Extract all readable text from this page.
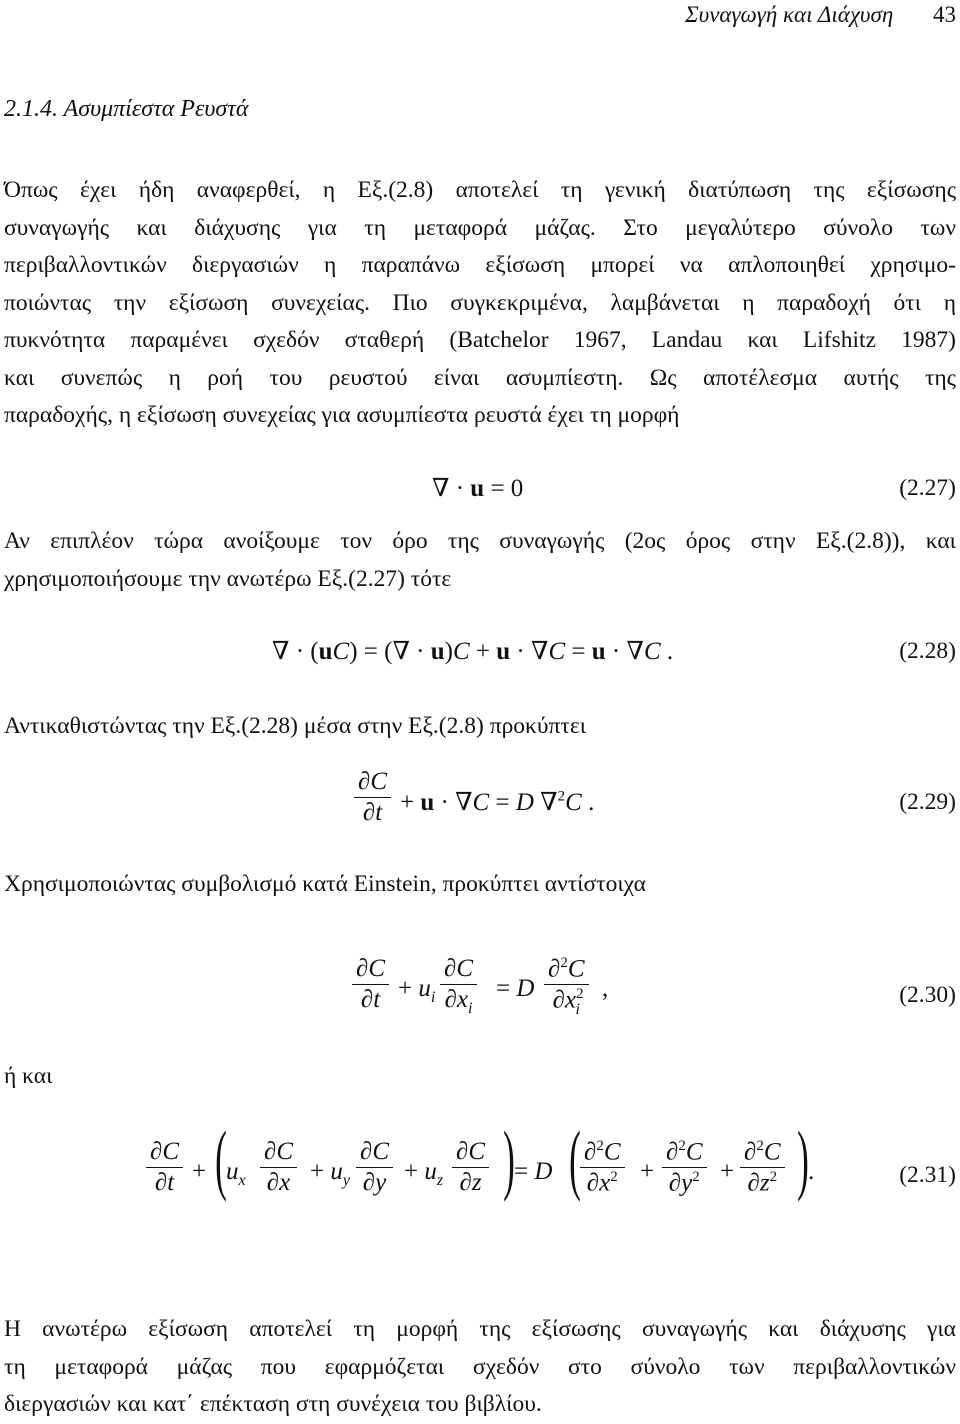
Συναγωγή και Διάχυση 43
2.1.4. Ασυμπίεστα Ρευστά
Όπως έχει ήδη αναφερθεί, η Εξ.(2.8) αποτελεί τη γενική διατύπωση της εξίσωσης
συναγωγής και διάχυσης για τη μεταφορά μάζας. Στο μεγαλύτερο σύνολο των
περιβαλλοντικών διεργασιών η παραπάνω εξίσωση μπορεί να απλοποιηθεί χρησιμο-
ποιώντας την εξίσωση συνεχείας. Πιο συγκεκριμένα, λαμβάνεται η παραδοχή ότι η
πυκνότητα παραμένει σχεδόν σταθερή (Batchelor 1967, Landau και Lifshitz 1987)
και συνεπώς η ροή του ρευστού είναι ασυμπίεστη. Ως αποτέλεσμα αυτής της
παραδοχής, η εξίσωση συνεχείας για ασυμπίεστα ρευστά έχει τη μορφή
∇ · u = 0	(2.27)
Αν επιπλέον τώρα ανοίξουμε τον όρο της συναγωγής (2ος όρος στην Εξ.(2.8)), και
χρησιμοποιήσουμε την ανωτέρω Εξ.(2.27) τότε
∇ · (uC) = (∇ · u)C + u · ∇C = u · ∇C .	(2.28)
Αντικαθιστώντας την Εξ.(2.28) μέσα στην Εξ.(2.8) προκύπτει
∂C
∂t + u · ∇C = D ∇$^2$C .	(2.29)
Χρησιμοποιώντας συμβολισμό κατά Einstein, προκύπτει αντίστοιχα
∂C
$\partial t + u_i$
∂C
$\partial x_i$
= D
∂$^2$C
$\partial x^2_i$
,	(2.30)
ή και
∂C
∂t + ( $u_x$
∂C
$\partial x + u_y$
∂C
$\partial y + u_z$
∂C
∂z ) = D ( ∂$^2$C
$\partial x^2$ +
∂$^2$C
$\partial y^2$ +
∂$^2$C
$\partial z^2$ ) .	(2.31)
Η ανωτέρω εξίσωση αποτελεί τη μορφή της εξίσωσης συναγωγής και διάχυσης για
τη μεταφορά μάζας που εφαρμόζεται σχεδόν στο σύνολο των περιβαλλοντικών
διεργασιών και κατ΄ επέκταση στη συνέχεια του βιβλίου.
